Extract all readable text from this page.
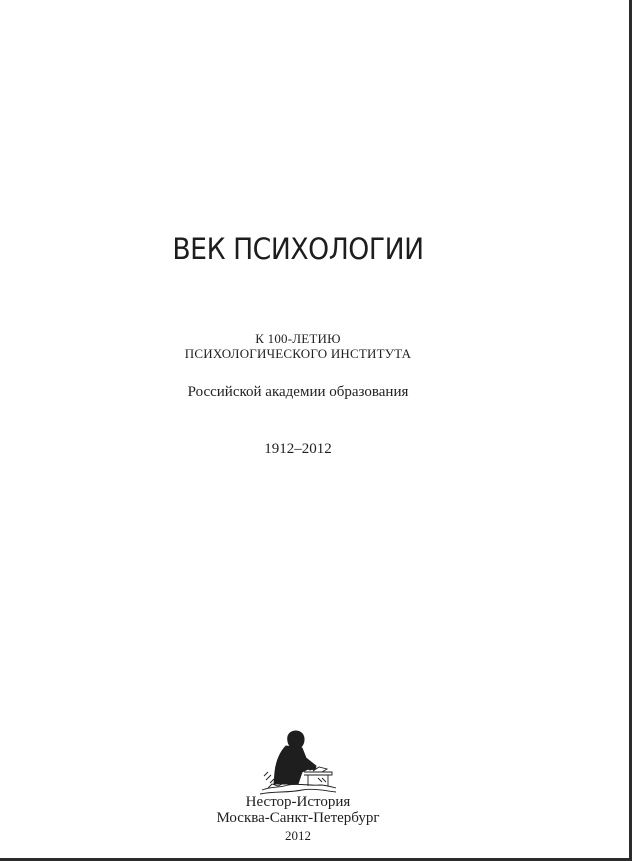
ВЕК ПСИХОЛОГИИ
К 100-ЛЕТИЮ
ПСИХОЛОГИЧЕСКОГО ИНСТИТУТА
Российской академии образования
1912–2012
Нестор-История
Москва-Санкт-Петербург
2012
